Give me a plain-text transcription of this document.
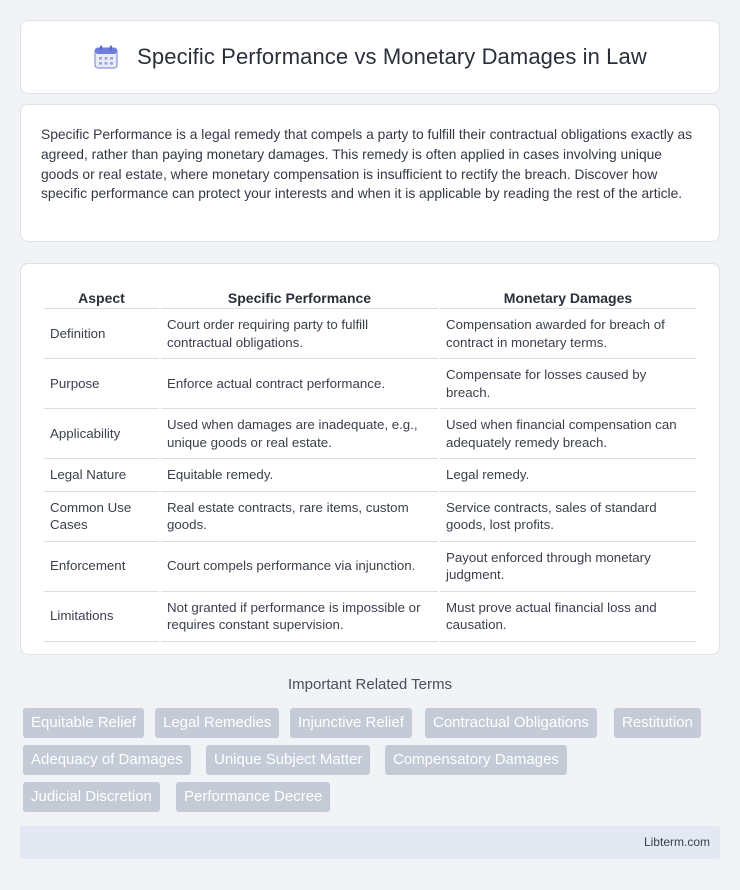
Specific Performance vs Monetary Damages in Law

Specific Performance is a legal remedy that compels a party to fulfill their contractual obligations exactly as agreed, rather than paying monetary damages. This remedy is often applied in cases involving unique goods or real estate, where monetary compensation is insufficient to rectify the breach. Discover how specific performance can protect your interests and when it is applicable by reading the rest of the article.

Aspect	Specific Performance	Monetary Damages
Definition	Court order requiring party to fulfill contractual obligations.	Compensation awarded for breach of contract in monetary terms.
Purpose	Enforce actual contract performance.	Compensate for losses caused by breach.
Applicability	Used when damages are inadequate, e.g., unique goods or real estate.	Used when financial compensation can adequately remedy breach.
Legal Nature	Equitable remedy.	Legal remedy.
Common Use Cases	Real estate contracts, rare items, custom goods.	Service contracts, sales of standard goods, lost profits.
Enforcement	Court compels performance via injunction.	Payout enforced through monetary judgment.
Limitations	Not granted if performance is impossible or requires constant supervision.	Must prove actual financial loss and causation.
Important Related Terms
Equitable Relief	Legal Remedies	Injunctive Relief	Contractual Obligations	Restitution
Adequacy of Damages	Unique Subject Matter	Compensatory Damages
Judicial Discretion	Performance Decree
Libterm.com
